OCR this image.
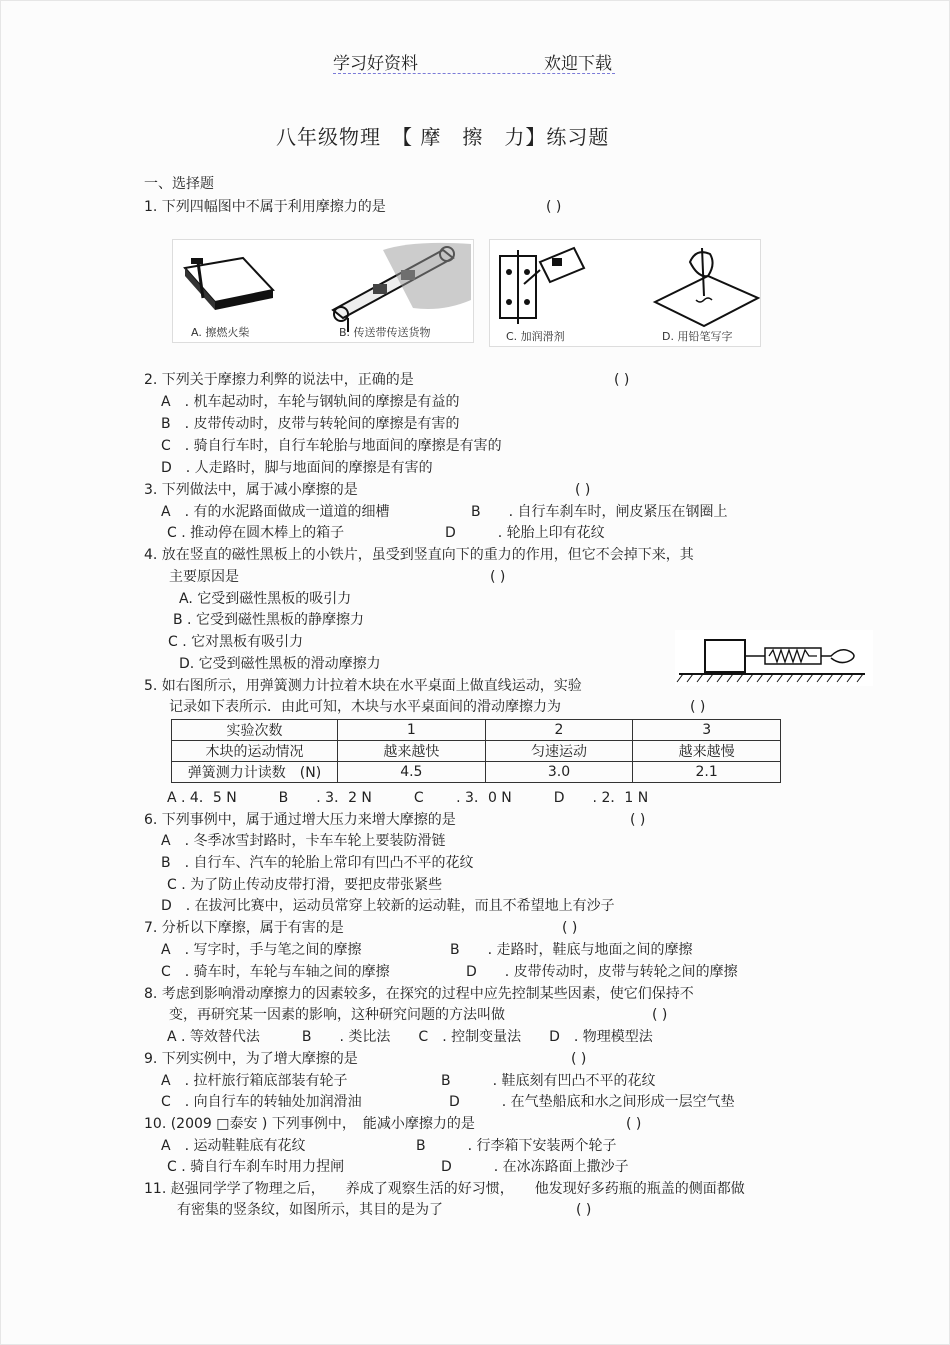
学习好资料	欢迎下载
八年级物理　【 摩　擦　力】练习题
一、选择题
1. 下列四幅图中不属于利用摩擦力的是	( )
A. 擦燃火柴	B. 传送带传送货物	C. 加润滑剂	D. 用铅笔写字
2. 下列关于摩擦力利弊的说法中，正确的是	( )
A　. 机车起动时，车轮与钢轨间的摩擦是有益的
B　. 皮带传动时，皮带与转轮间的摩擦是有害的
C　. 骑自行车时，自行车轮胎与地面间的摩擦是有害的
D　. 人走路时，脚与地面间的摩擦是有害的
3. 下列做法中，属于减小摩擦的是	( )
A　. 有的水泥路面做成一道道的细槽	B　　. 自行车刹车时，闸皮紧压在钢圈上
C . 推动停在圆木棒上的箱子	D　　　. 轮胎上印有花纹
4. 放在竖直的磁性黑板上的小铁片，虽受到竖直向下的重力的作用，但它不会掉下来，其
主要原因是	( )
A. 它受到磁性黑板的吸引力
B . 它受到磁性黑板的静摩擦力
C . 它对黑板有吸引力
D. 它受到磁性黑板的滑动摩擦力
5. 如右图所示，用弹簧测力计拉着木块在水平桌面上做直线运动，实验
记录如下表所示．由此可知，木块与水平桌面间的滑动摩擦力为	( )
实验次数	1	2	3
木块的运动情况	越来越快	匀速运动	越来越慢
弹簧测力计读数　(N)	4.5	3.0	2.1
A . 4．5 N　　　B　　. 3．2 N　　　C　　 . 3．0 N　　　D　　. 2．1 N
6. 下列事例中，属于通过增大压力来增大摩擦的是	( )
A　. 冬季冰雪封路时，卡车车轮上要装防滑链
B　. 自行车、汽车的轮胎上常印有凹凸不平的花纹
C . 为了防止传动皮带打滑，要把皮带张紧些
D　. 在拔河比赛中，运动员常穿上较新的运动鞋，而且不希望地上有沙子
7. 分析以下摩擦，属于有害的是	( )
A　. 写字时，手与笔之间的摩擦	B　　. 走路时，鞋底与地面之间的摩擦
C　. 骑车时，车轮与车轴之间的摩擦	D　　. 皮带传动时，皮带与转轮之间的摩擦
8. 考虑到影响滑动摩擦力的因素较多，在探究的过程中应先控制某些因素，使它们保持不
变，再研究某一因素的影响，这种研究问题的方法叫做	( )
A . 等效替代法　　　B　　. 类比法　　C　. 控制变量法　　D　. 物理模型法
9. 下列实例中，为了增大摩擦的是	( )
A　. 拉杆旅行箱底部装有轮子	B　　　. 鞋底刻有凹凸不平的花纹
C　. 向自行车的转轴处加润滑油	D　　　. 在气垫船底和水之间形成一层空气垫
10. (2009 □泰安 ) 下列事例中，　能减小摩擦力的是	( )
A　. 运动鞋鞋底有花纹	B　　　. 行李箱下安装两个轮子
C . 骑自行车刹车时用力捏闸	D　　　. 在冰冻路面上撒沙子
11. 赵强同学学了物理之后，　　养成了观察生活的好习惯，　　他发现好多药瓶的瓶盖的侧面都做
有密集的竖条纹，如图所示，其目的是为了	( )
